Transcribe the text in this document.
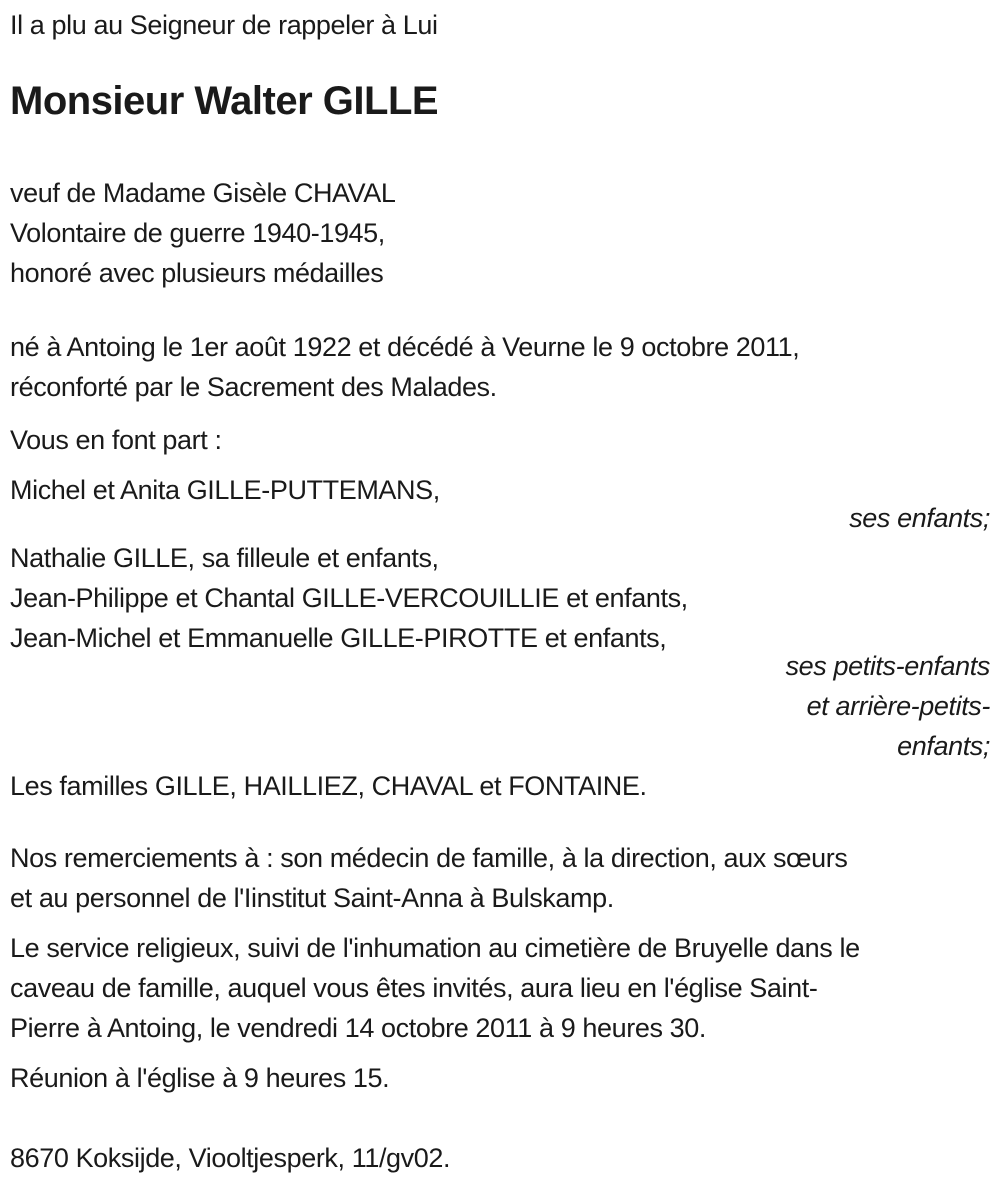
Il a plu au Seigneur de rappeler à Lui
Monsieur Walter GILLE
veuf de Madame Gisèle CHAVAL
Volontaire de guerre 1940-1945,
honoré avec plusieurs médailles
né à Antoing le 1er août 1922 et décédé à Veurne le 9 octobre 2011,
réconforté par le Sacrement des Malades.
Vous en font part :
Michel et Anita GILLE-PUTTEMANS,
ses enfants;
Nathalie GILLE, sa filleule et enfants,
Jean-Philippe et Chantal GILLE-VERCOUILLIE et enfants,
Jean-Michel et Emmanuelle GILLE-PIROTTE et enfants,
ses petits-enfants
et arrière-petits-
enfants;
Les familles GILLE, HAILLIEZ, CHAVAL et FONTAINE.
Nos remerciements à : son médecin de famille, à la direction, aux sœurs
et au personnel de l'Iinstitut Saint-Anna à Bulskamp.
Le service religieux, suivi de l'inhumation au cimetière de Bruyelle dans le
caveau de famille, auquel vous êtes invités, aura lieu en l'église Saint-
Pierre à Antoing, le vendredi 14 octobre 2011 à 9 heures 30.
Réunion à l'église à 9 heures 15.
8670 Koksijde, Viooltjesperk, 11/gv02.
